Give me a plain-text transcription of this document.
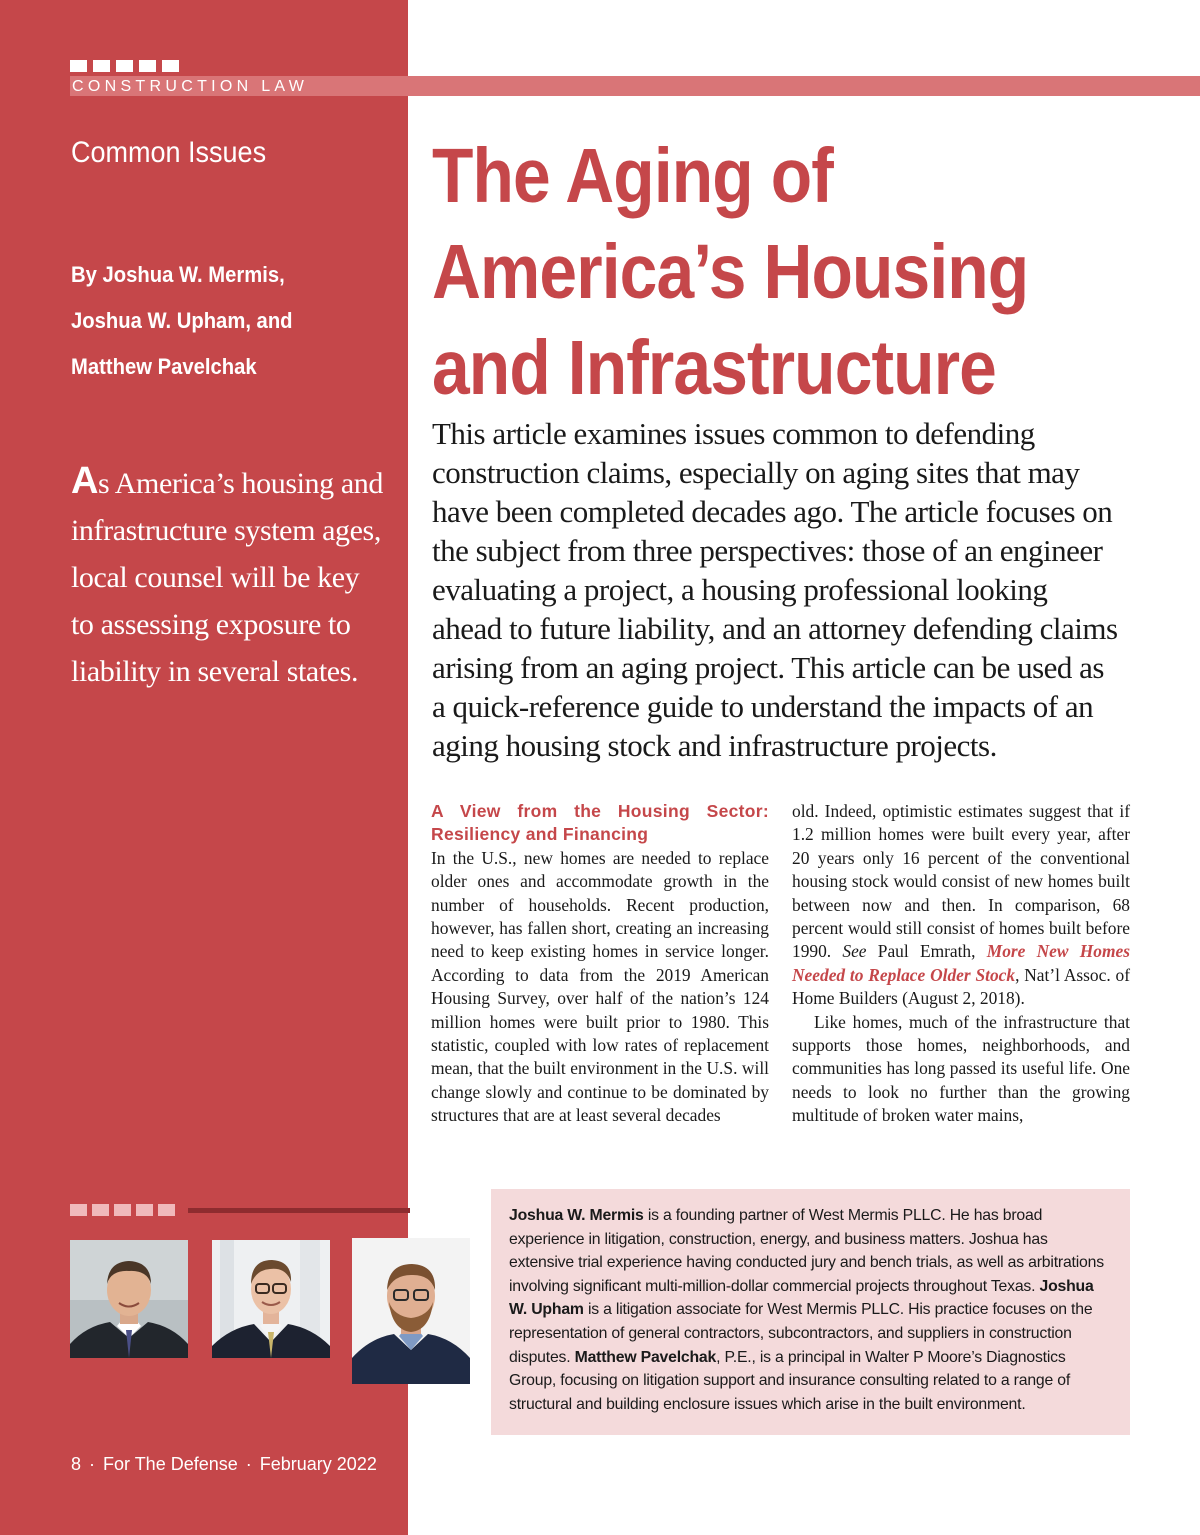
CONSTRUCTION LAW
Common Issues
By Joshua W. Mermis,
Joshua W. Upham, and
Matthew Pavelchak
As America’s housing and infrastructure system ages, local counsel will be key to assessing exposure to liability in several states.
The Aging of
America’s Housing
and Infrastructure
This article examines issues common to defending construction claims, especially on aging sites that may have been completed decades ago. The article focuses on the subject from three perspectives: those of an engineer evaluating a project, a housing professional looking ahead to future liability, and an attorney defending claims arising from an aging project. This article can be used as a quick-reference guide to understand the impacts of an aging housing stock and infrastructure projects.
A View from the Housing Sector: Resiliency and Financing

In the U.S., new homes are needed to replace older ones and accommodate growth in the number of households. Recent production, however, has fallen short, creating an increasing need to keep existing homes in service longer. According to data from the 2019 American Housing Survey, over half of the nation’s 124 million homes were built prior to 1980. This statistic, coupled with low rates of replacement mean, that the built environment in the U.S. will change slowly and continue to be dominated by structures that are at least several decades

old. Indeed, optimistic estimates suggest that if 1.2 million homes were built every year, after 20 years only 16 percent of the conventional housing stock would consist of new homes built between now and then. In comparison, 68 percent would still consist of homes built before 1990. See Paul Emrath, More New Homes Needed to Replace Older Stock, Nat’l Assoc. of Home Builders (August 2, 2018).

Like homes, much of the infrastructure that supports those homes, neighborhoods, and communities has long passed its useful life. One needs to look no further than the growing multitude of broken water mains,

Joshua W. Mermis is a founding partner of West Mermis PLLC. He has broad experience in litigation, construction, energy, and business matters. Joshua has extensive trial experience having conducted jury and bench trials, as well as arbitrations involving significant multi-million-dollar commercial projects throughout Texas. Joshua W. Upham is a litigation associate for West Mermis PLLC. His practice focuses on the representation of general contractors, subcontractors, and suppliers in construction disputes. Matthew Pavelchak, P.E., is a principal in Walter P Moore’s Diagnostics Group, focusing on litigation support and insurance consulting related to a range of structural and building enclosure issues which arise in the built environment.
8 · For The Defense · February 2022
